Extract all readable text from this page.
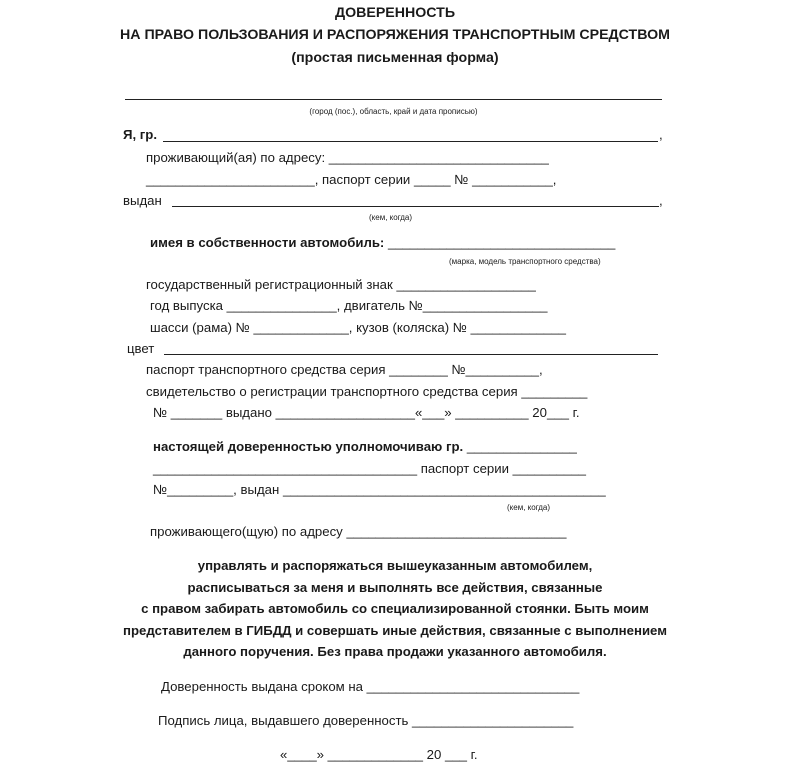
ДОВЕРЕННОСТЬ
НА ПРАВО ПОЛЬЗОВАНИЯ И РАСПОРЯЖЕНИЯ ТРАНСПОРТНЫМ СРЕДСТВОМ
(простая письменная форма)
(город (пос.), область, край и дата прописью)
Я, гр.	,
проживающий(ая) по адресу: ______________________________
_______________________, паспорт серии _____ № ___________,
выдан	,
(кем, когда)
имея в собственности автомобиль: _______________________________
(марка, модель транспортного средства)
государственный регистрационный знак ___________________
год выпуска _______________, двигатель №_________________
шасси (рама) № _____________, кузов (коляска) № _____________
цвет
паспорт транспортного средства серия ________ №__________,
свидетельство о регистрации транспортного средства серия _________
№ _______ выдано ___________________«___» __________ 20___ г.
настоящей доверенностью уполномочиваю гр. _______________
____________________________________ паспорт серии __________
№_________, выдан ____________________________________________
(кем, когда)
проживающего(щую) по адресу ______________________________
управлять и распоряжаться вышеуказанным автомобилем,
расписываться за меня и выполнять все действия, связанные
с правом забирать автомобиль со специализированной стоянки. Быть моим
представителем в ГИБДД и совершать иные действия, связанные с выполнением
данного поручения. Без права продажи указанного автомобиля.
Доверенность выдана сроком на _____________________________
Подпись лица, выдавшего доверенность ______________________
«____» _____________ 20 ___ г.
